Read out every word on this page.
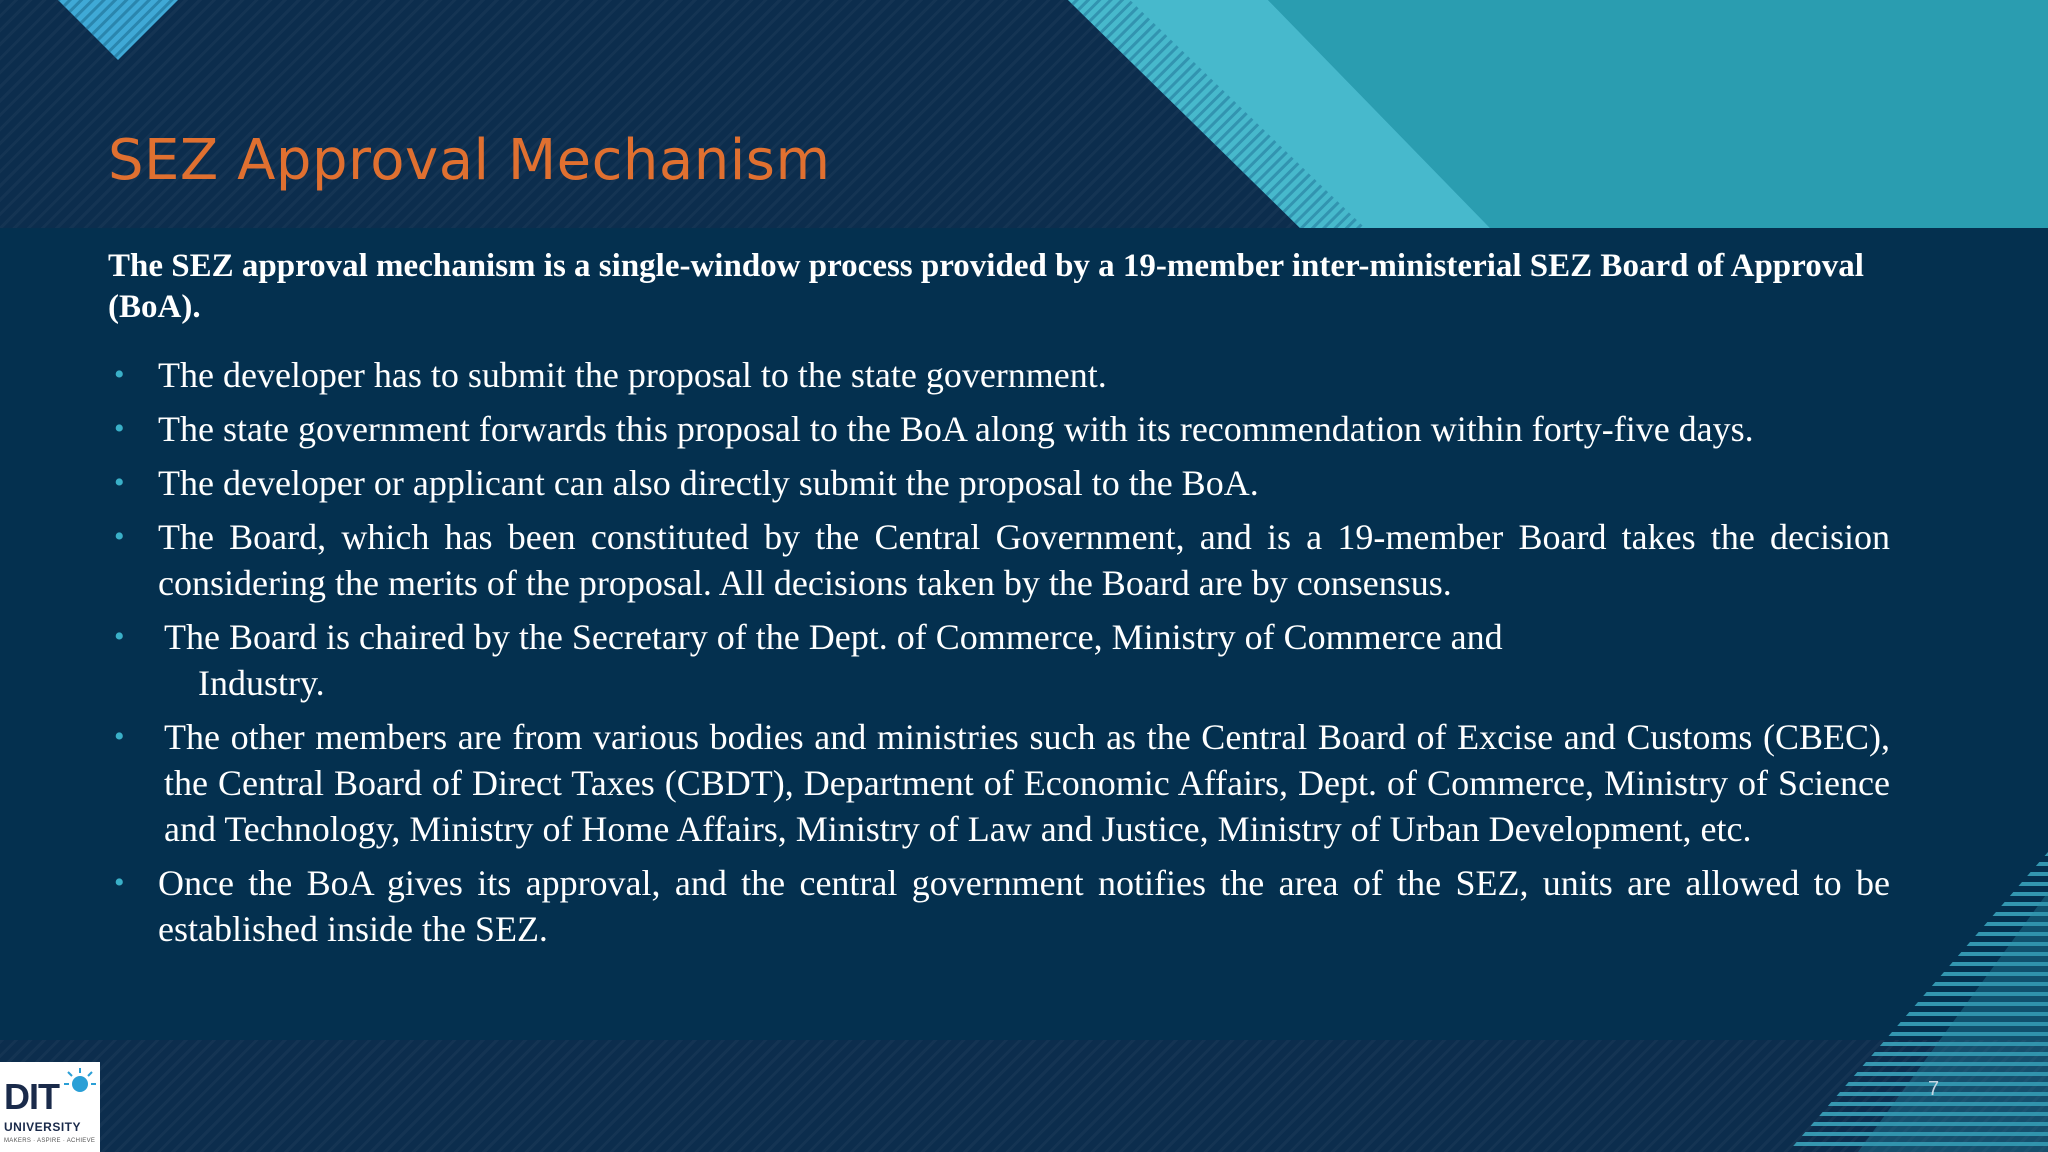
SEZ Approval Mechanism

The SEZ approval mechanism is a single-window process provided by a 19-member inter-ministerial SEZ Board of Approval (BoA).

• The developer has to submit the proposal to the state government.
• The state government forwards this proposal to the BoA along with its recommendation within forty-five days.
• The developer or applicant can also directly submit the proposal to the BoA.
• The Board, which has been constituted by the Central Government, and is a 19-member Board takes the decision considering the merits of the proposal. All decisions taken by the Board are by consensus.
• The Board is chaired by the Secretary of the Dept. of Commerce, Ministry of Commerce and
Industry.
• The other members are from various bodies and ministries such as the Central Board of Excise and Customs (CBEC), the Central Board of Direct Taxes (CBDT), Department of Economic Affairs, Dept. of Commerce, Ministry of Science and Technology, Ministry of Home Affairs, Ministry of Law and Justice, Ministry of Urban Development, etc.
• Once the BoA gives its approval, and the central government notifies the area of the SEZ, units are allowed to be established inside the SEZ.
7
DIT
UNIVERSITY
MAKERS · ASPIRE · ACHIEVE
